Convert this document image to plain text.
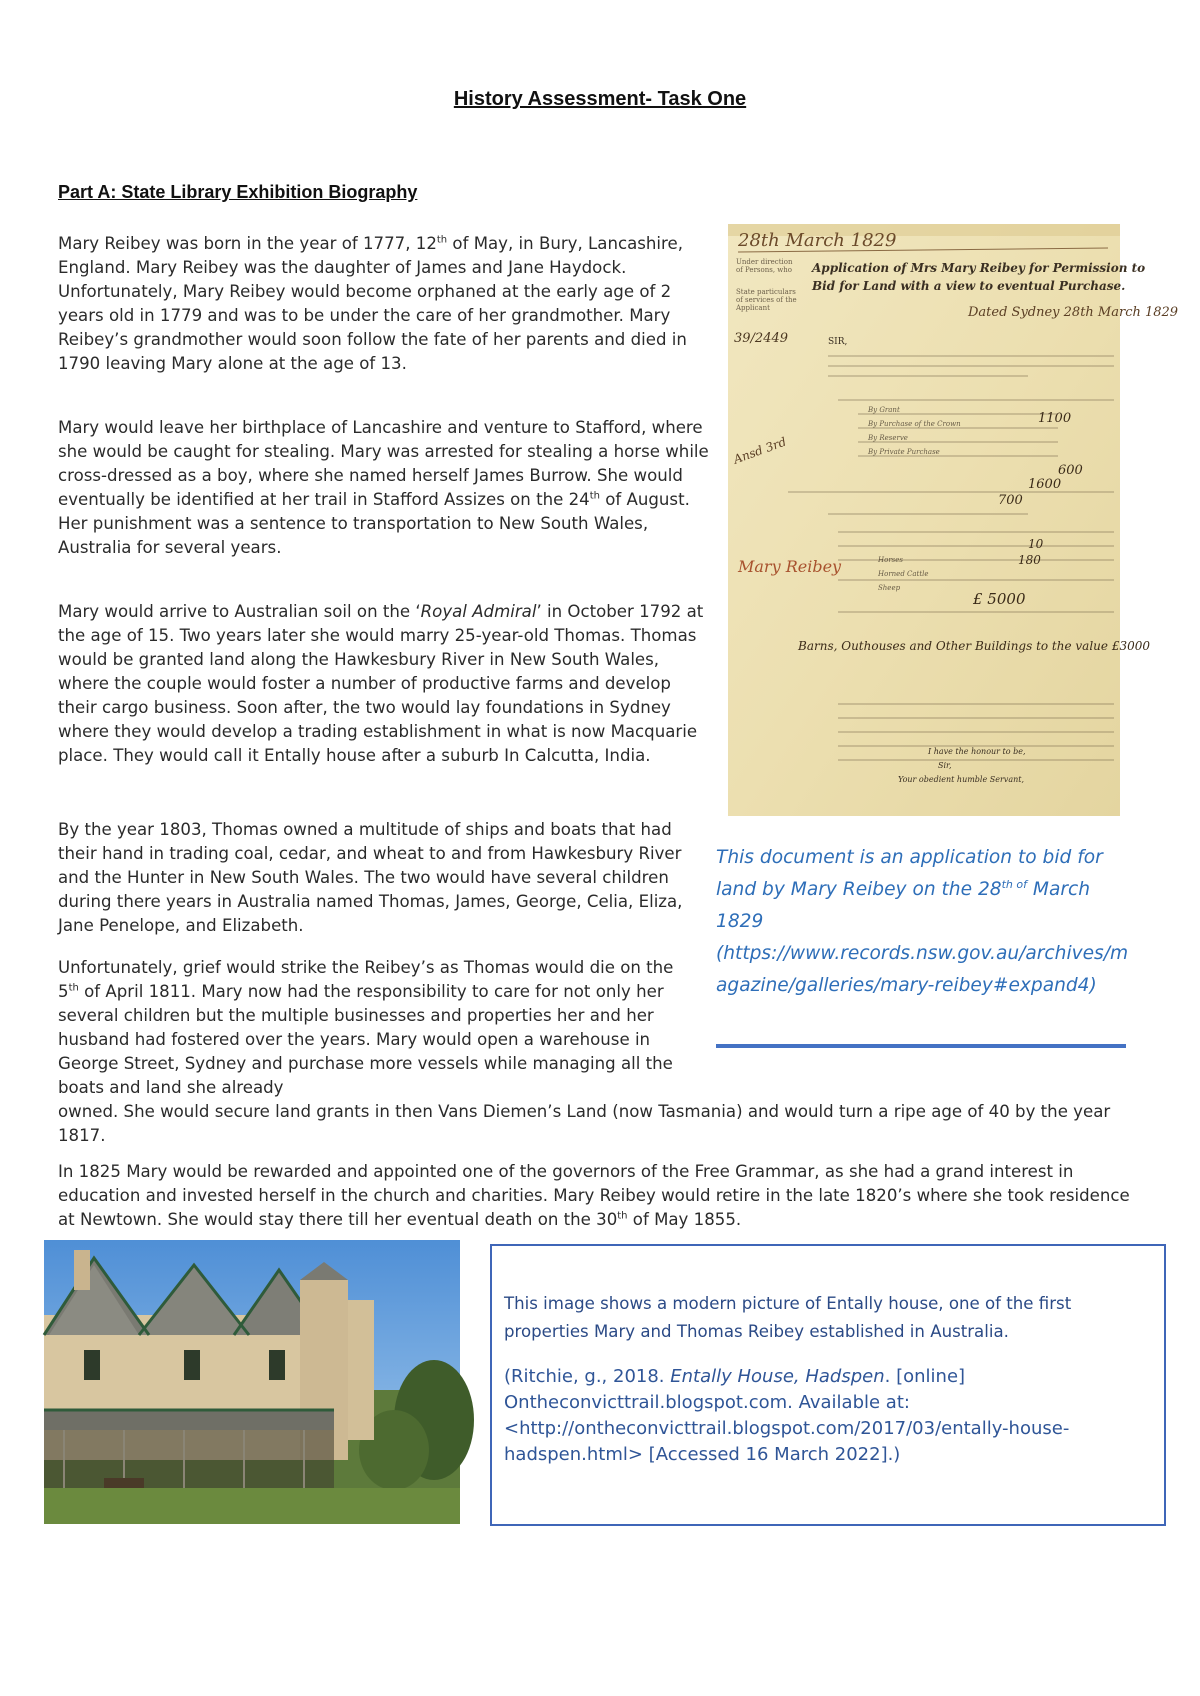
History Assessment- Task One
Part A: State Library Exhibition Biography

Mary Reibey was born in the year of 1777, 12th of May, in Bury, Lancashire, England. Mary Reibey was the daughter of James and Jane Haydock. Unfortunately, Mary Reibey would become orphaned at the early age of 2 years old in 1779 and was to be under the care of her grandmother. Mary Reibey’s grandmother would soon follow the fate of her parents and died in 1790 leaving Mary alone at the age of 13.

Mary would leave her birthplace of Lancashire and venture to Stafford, where she would be caught for stealing. Mary was arrested for stealing a horse while cross-dressed as a boy, where she named herself James Burrow. She would eventually be identified at her trail in Stafford Assizes on the 24th of August. Her punishment was a sentence to transportation to New South Wales, Australia for several years.

Mary would arrive to Australian soil on the ‘Royal Admiral’ in October 1792 at the age of 15. Two years later she would marry 25-year-old Thomas. Thomas would be granted land along the Hawkesbury River in New South Wales, where the couple would foster a number of productive farms and develop their cargo business. Soon after, the two would lay foundations in Sydney where they would develop a trading establishment in what is now Macquarie place. They would call it Entally house after a suburb In Calcutta, India.

By the year 1803, Thomas owned a multitude of ships and boats that had their hand in trading coal, cedar, and wheat to and from Hawkesbury River and the Hunter in New South Wales. The two would have several children during there years in Australia named Thomas, James, George, Celia, Eliza, Jane Penelope, and Elizabeth.

Unfortunately, grief would strike the Reibey’s as Thomas would die on the 5th of April 1811. Mary now had the responsibility to care for not only her several children but the multiple businesses and properties her and her husband had fostered over the years. Mary would open a warehouse in George Street, Sydney and purchase more vessels while managing all the boats and land she already

owned. She would secure land grants in then Vans Diemen’s Land (now Tasmania) and would turn a ripe age of 40 by the year 1817.

In 1825 Mary would be rewarded and appointed one of the governors of the Free Grammar, as she had a grand interest in education and invested herself in the church and charities. Mary Reibey would retire in the late 1820’s where she took residence at Newtown. She would stay there till her eventual death on the 30th of May 1855.

28th March 1829
Application of Mrs Mary Reibey for Permission to
Bid for Land with a view to eventual Purchase.
Under direction
of Persons, who
State particulars
of services of the
Applicant	Dated Sydney 28th March 1829
39/2449	SIR,
By Grant
By Purchase of the Crown
By Reserve
By Private Purchase
Horses
Horned Cattle
Sheep
Ansd 3rd
1100
600
1600
700
10
180
£ 5000
Mary Reibey
Barns, Outhouses and Other Buildings to the value £3000
I have the honour to be,
Sir,
Your obedient humble Servant,
This document is an application to bid for land by Mary Reibey on the $28^{th of}$ March 1829
(https://www.records.nsw.gov.au/archives/magazine/galleries/mary-reibey#expand4)

This image shows a modern picture of Entally house, one of the first properties Mary and Thomas Reibey established in Australia.

(Ritchie, g., 2018. Entally House, Hadspen. [online] Ontheconvicttrail.blogspot.com. Available at: <http://ontheconvicttrail.blogspot.com/2017/03/entally-house-hadspen.html> [Accessed 16 March 2022].)
